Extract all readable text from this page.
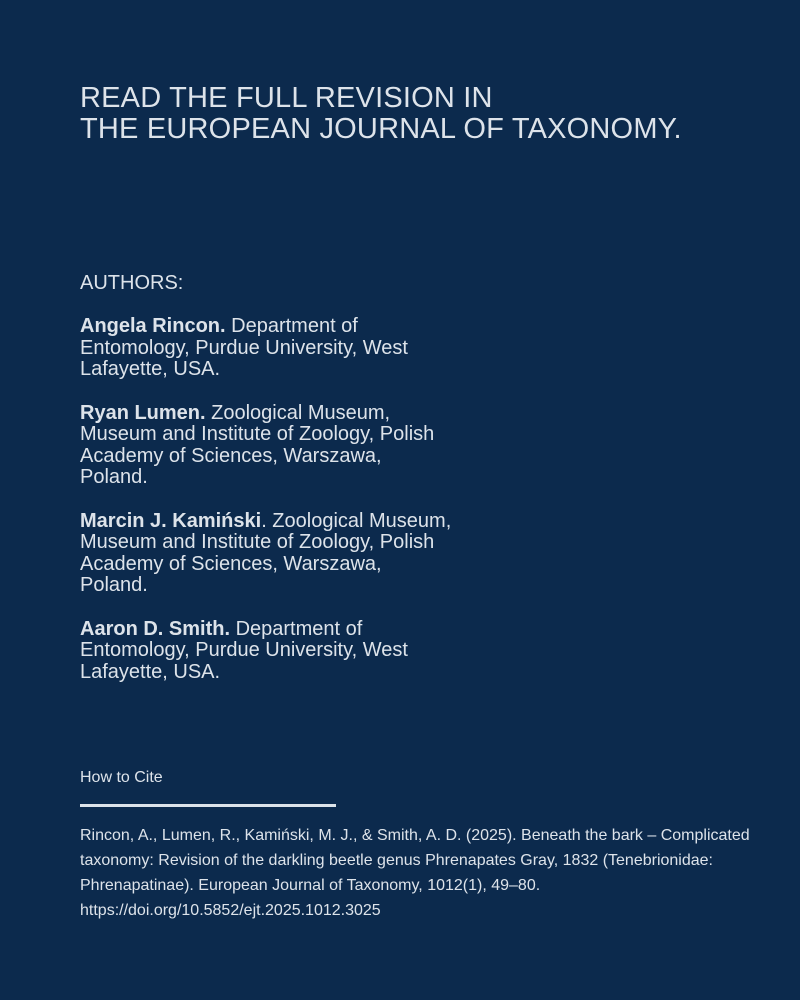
READ THE FULL REVISION IN
THE EUROPEAN JOURNAL OF TAXONOMY.
AUTHORS:
Angela Rincon. Department of Entomology, Purdue University, West Lafayette, USA.
Ryan Lumen. Zoological Museum, Museum and Institute of Zoology, Polish Academy of Sciences, Warszawa, Poland.
Marcin J. Kamiński. Zoological Museum, Museum and Institute of Zoology, Polish Academy of Sciences, Warszawa, Poland.
Aaron D. Smith. Department of Entomology, Purdue University, West Lafayette, USA.
How to Cite

Rincon, A., Lumen, R., Kamiński, M. J., & Smith, A. D. (2025). Beneath the bark – Complicated taxonomy: Revision of the darkling beetle genus Phrenapates Gray, 1832 (Tenebrionidae: Phrenapatinae). European Journal of Taxonomy, 1012(1), 49–80. https://doi.org/10.5852/ejt.2025.1012.3025
